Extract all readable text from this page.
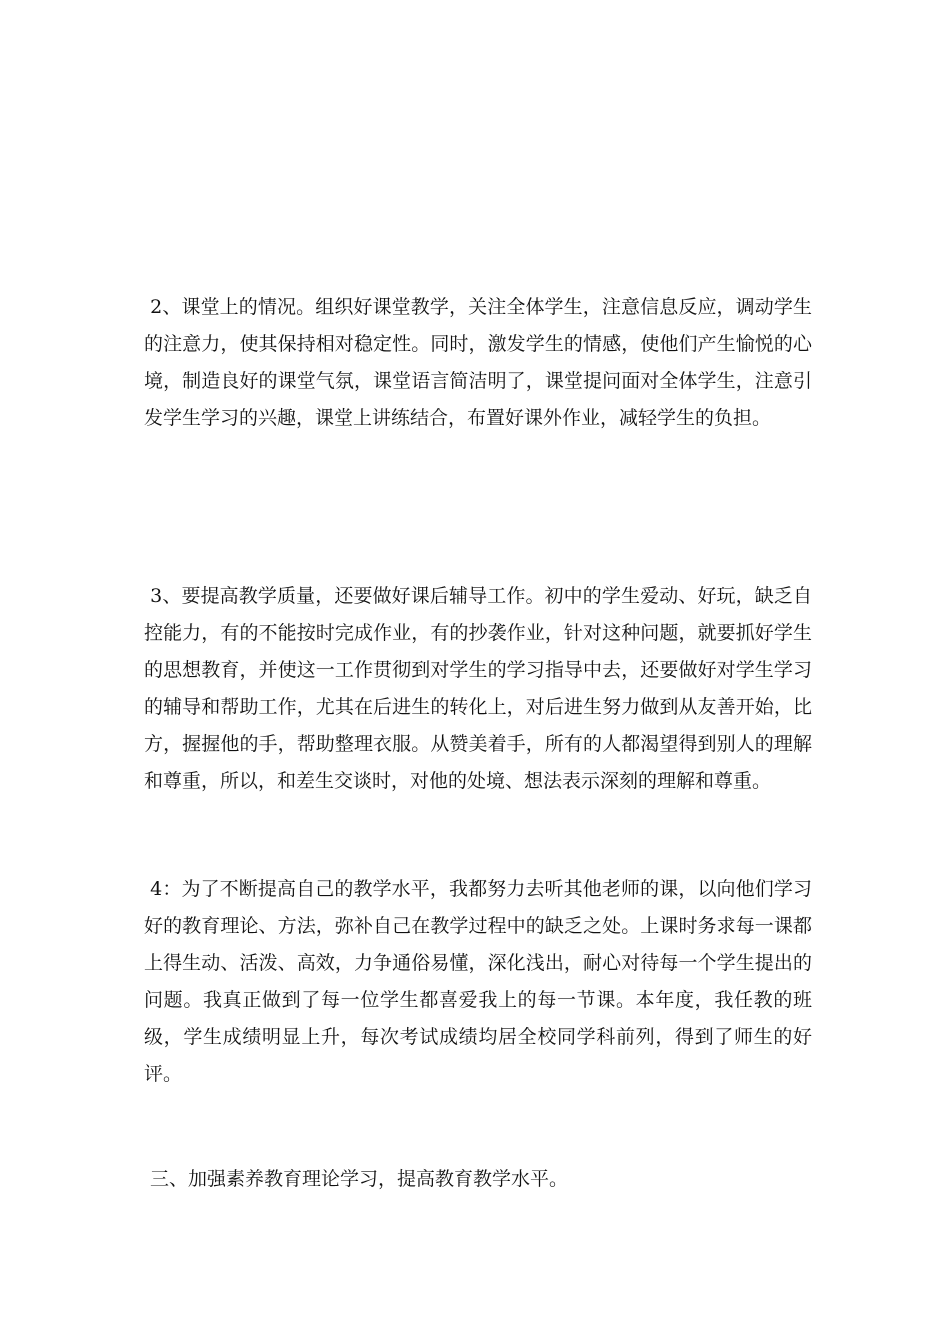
2、课堂上的情况。组织好课堂教学，关注全体学生，注意信息反应，调动学生的注意力，使其保持相对稳定性。同时，激发学生的情感，使他们产生愉悦的心境，制造良好的课堂气氛，课堂语言简洁明了，课堂提问面对全体学生，注意引发学生学习的兴趣，课堂上讲练结合，布置好课外作业，减轻学生的负担。

3、要提高教学质量，还要做好课后辅导工作。初中的学生爱动、好玩，缺乏自控能力，有的不能按时完成作业，有的抄袭作业，针对这种问题，就要抓好学生的思想教育，并使这一工作贯彻到对学生的学习指导中去，还要做好对学生学习的辅导和帮助工作，尤其在后进生的转化上，对后进生努力做到从友善开始，比方，握握他的手，帮助整理衣服。从赞美着手，所有的人都渴望得到别人的理解和尊重，所以，和差生交谈时，对他的处境、想法表示深刻的理解和尊重。

4：为了不断提高自己的教学水平，我都努力去听其他老师的课，以向他们学习好的教育理论、方法，弥补自己在教学过程中的缺乏之处。上课时务求每一课都上得生动、活泼、高效，力争通俗易懂，深化浅出，耐心对待每一个学生提出的问题。我真正做到了每一位学生都喜爱我上的每一节课。本年度，我任教的班级，学生成绩明显上升，每次考试成绩均居全校同学科前列，得到了师生的好评。

三、加强素养教育理论学习，提高教育教学水平。
